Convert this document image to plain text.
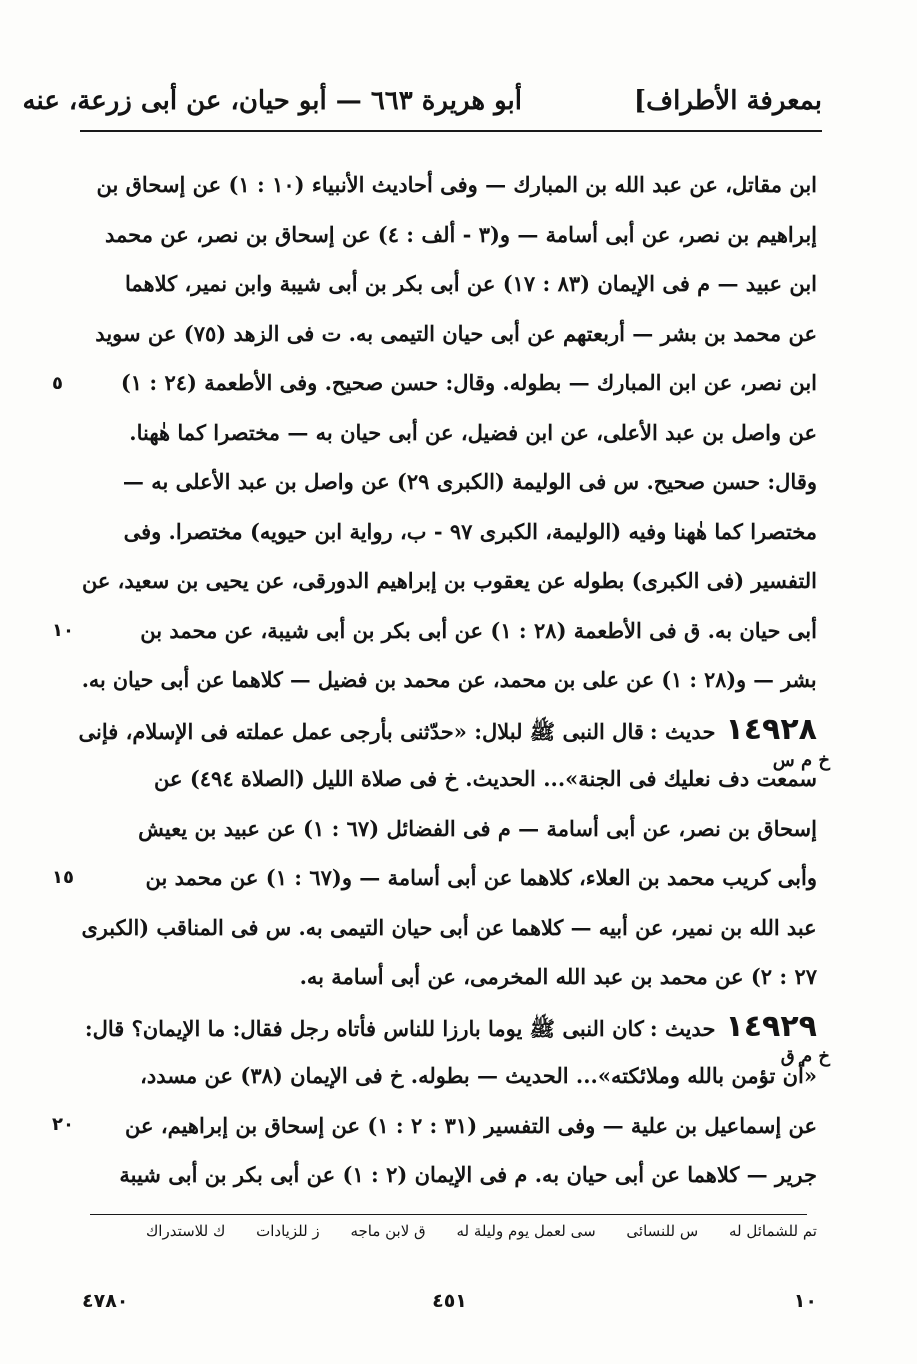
بمعرفة الأطراف]
أبو هريرة ٦٦٣ — أبو حيان، عن أبى زرعة، عنه
ابن مقاتل، عن عبد الله بن المبارك — وفى أحاديث الأنبياء (١٠ : ١) عن إسحاق بن
إبراهيم بن نصر، عن أبى أسامة — و(٣ - ألف : ٤) عن إسحاق بن نصر، عن محمد
ابن عبيد — م فى الإيمان (٨٣ : ١٧) عن أبى بكر بن أبى شيبة وابن نمير، كلاهما
عن محمد بن بشر — أربعتهم عن أبى حيان التيمى به. ت فى الزهد (٧٥) عن سويد
ابن نصر، عن ابن المبارك — بطوله. وقال: حسن صحيح. وفى الأطعمة (٢٤ : ١)
عن واصل بن عبد الأعلى، عن ابن فضيل، عن أبى حيان به — مختصرا كما هٰهنا.
وقال: حسن صحيح. س فى الوليمة (الكبرى ٢٩) عن واصل بن عبد الأعلى به —
مختصرا كما هٰهنا وفيه (الوليمة، الكبرى ٩٧ - ب، رواية ابن حيويه) مختصرا. وفى
التفسير (فى الكبرى) بطوله عن يعقوب بن إبراهيم الدورقى، عن يحيى بن سعيد، عن
أبى حيان به. ق فى الأطعمة (٢٨ : ١) عن أبى بكر بن أبى شيبة، عن محمد بن
بشر — و(٢٨ : ١) عن على بن محمد، عن محمد بن فضيل — كلاهما عن أبى حيان به.
١٤٩٢٨حديث :قال النبى ﷺ لبلال: «حدّثنى بأرجى عمل عملته فى الإسلام، فإنى
سمعت دف نعليك فى الجنة»... الحديث. خ فى صلاة الليل (الصلاة ٤٩٤) عن
إسحاق بن نصر، عن أبى أسامة — م فى الفضائل (٦٧ : ١) عن عبيد بن يعيش
وأبى كريب محمد بن العلاء، كلاهما عن أبى أسامة — و(٦٧ : ١) عن محمد بن
عبد الله بن نمير، عن أبيه — كلاهما عن أبى حيان التيمى به. س فى المناقب (الكبرى
٢٧ : ٢) عن محمد بن عبد الله المخرمى، عن أبى أسامة به.
١٤٩٢٩حديث :كان النبى ﷺ يوما بارزا للناس فأتاه رجل فقال: ما الإيمان؟ قال:
«أن تؤمن بالله وملائكته»... الحديث — بطوله. خ فى الإيمان (٣٨) عن مسدد،
عن إسماعيل بن علية — وفى التفسير (٣١ : ٢ : ١) عن إسحاق بن إبراهيم، عن
جرير — كلاهما عن أبى حيان به. م فى الإيمان (٢ : ١) عن أبى بكر بن أبى شيبة
٥
١٠
١٥
٢٠
خ م س
خ م ق
تم للشمائل له س للنسائى سى لعمل يوم وليلة له ق لابن ماجه ز للزيادات ك للاستدراك
١٠
٤٥١
٤٧٨٠
